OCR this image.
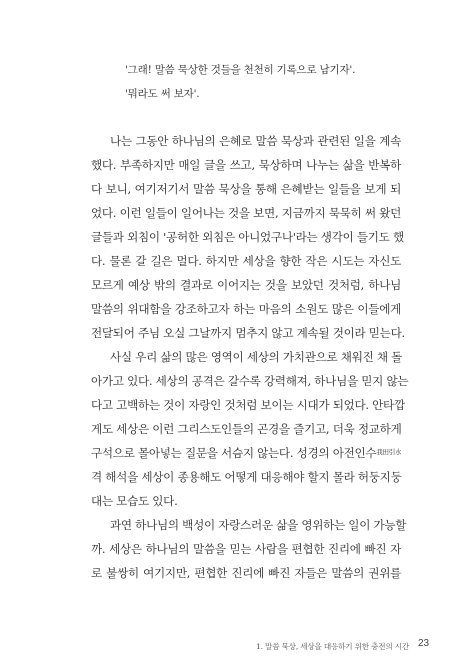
'그래! 말씀 묵상한 것들을 천천히 기록으로 남기자'.
'뭐라도 써 보자'.
나는 그동안 하나님의 은혜로 말씀 묵상과 관련된 일을 계속
했다. 부족하지만 매일 글을 쓰고, 묵상하며 나누는 삶을 반복하
다 보니, 여기저기서 말씀 묵상을 통해 은혜받는 일들을 보게 되
었다. 이런 일들이 일어나는 것을 보면, 지금까지 묵묵히 써 왔던
글들과 외침이 '공허한 외침은 아니었구나'라는 생각이 들기도 했
다. 물론 갈 길은 멀다. 하지만 세상을 향한 작은 시도는 자신도
모르게 예상 밖의 결과로 이어지는 것을 보았던 것처럼, 하나님
말씀의 위대함을 강조하고자 하는 마음의 소원도 많은 이들에게
전달되어 주님 오실 그날까지 멈추지 않고 계속될 것이라 믿는다.
사실 우리 삶의 많은 영역이 세상의 가치관으로 채워진 채 돌
아가고 있다. 세상의 공격은 갈수록 강력해져, 하나님을 믿지 않는
다고 고백하는 것이 자랑인 것처럼 보이는 시대가 되었다. 안타깝
게도 세상은 이런 그리스도인들의 곤경을 즐기고, 더욱 정교하게
구석으로 몰아넣는 질문을 서슴지 않는다. 성경의 아전인수$^{我田引水}$
격 해석을 세상이 종용해도 어떻게 대응해야 할지 몰라 허둥지둥
대는 모습도 있다.
과연 하나님의 백성이 자랑스러운 삶을 영위하는 일이 가능할
까. 세상은 하나님의 말씀을 믿는 사람을 편협한 진리에 빠진 자
로 불쌍히 여기지만, 편협한 진리에 빠진 자들은 말씀의 권위를
1. 말씀 묵상, 세상을 대응하기 위한 충전의 시간 23
